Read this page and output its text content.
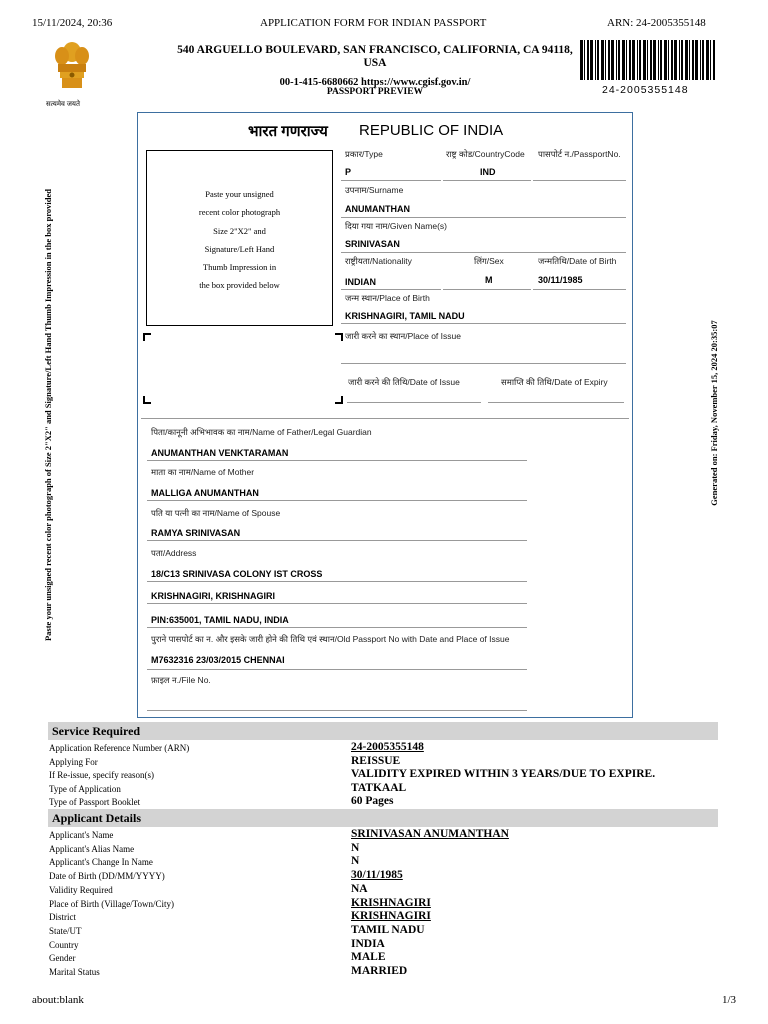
15/11/2024, 20:36	APPLICATION FORM FOR INDIAN PASSPORT	ARN: 24-2005355148
सत्यमेव जयते
540 ARGUELLO BOULEVARD, SAN FRANCISCO, CALIFORNIA, CA 94118,
USA
00-1-415-6680662 https://www.cgisf.gov.in/
PASSPORT PREVIEW	24-2005355148
Paste your unsigned recent color photograph of Size 2"X2" and Signature/Left Hand Thumb Impression in the box provided	Generated on: Friday, November 15, 2024 20:35:07
भारत गणराज्य REPUBLIC OF INDIA
Paste your unsigned
recent color photograph
Size 2"X2" and
Signature/Left Hand
Thumb Impression in
the box provided below
प्रकार/Type	राष्ट्र कोड/CountryCode पासपोर्ट न./PassportNo.
P	IND
उपनाम/Surname
ANUMANTHAN
दिया गया नाम/Given Name(s)
SRINIVASAN
राष्ट्रीयता/Nationality	लिंग/Sex	जन्मतिथि/Date of Birth
INDIAN	M	30/11/1985
जन्म स्थान/Place of Birth
KRISHNAGIRI, TAMIL NADU
जारी करने का स्थान/Place of Issue
जारी करने की तिथि/Date of Issue	समाप्ति की तिथि/Date of Expiry
पिता/कानूनी अभिभावक का नाम/Name of Father/Legal Guardian
ANUMANTHAN VENKTARAMAN
माता का नाम/Name of Mother
MALLIGA ANUMANTHAN
पति या पत्नी का नाम/Name of Spouse
RAMYA SRINIVASAN
पता/Address
18/C13 SRINIVASA COLONY IST CROSS
KRISHNAGIRI, KRISHNAGIRI
PIN:635001, TAMIL NADU, INDIA
पुराने पासपोर्ट का न. और इसके जारी होने की तिथि एवं स्थान/Old Passport No with Date and Place of Issue
M7632316 23/03/2015 CHENNAI
फ़ाइल न./File No.
Service Required
Application Reference Number (ARN)	24-2005355148
Applying For	REISSUE
If Re-issue, specify reason(s)	VALIDITY EXPIRED WITHIN 3 YEARS/DUE TO EXPIRE.
Type of Application	TATKAAL
Type of Passport Booklet	60 Pages
Applicant Details
Applicant's Name	SRINIVASAN ANUMANTHAN
Applicant's Alias Name	N
Applicant's Change In Name	N
Date of Birth (DD/MM/YYYY)	30/11/1985
Validity Required	NA
Place of Birth (Village/Town/City)	KRISHNAGIRI
District	KRISHNAGIRI
State/UT	TAMIL NADU
Country	INDIA
Gender	MALE
Marital Status	MARRIED
about:blank	1/3
